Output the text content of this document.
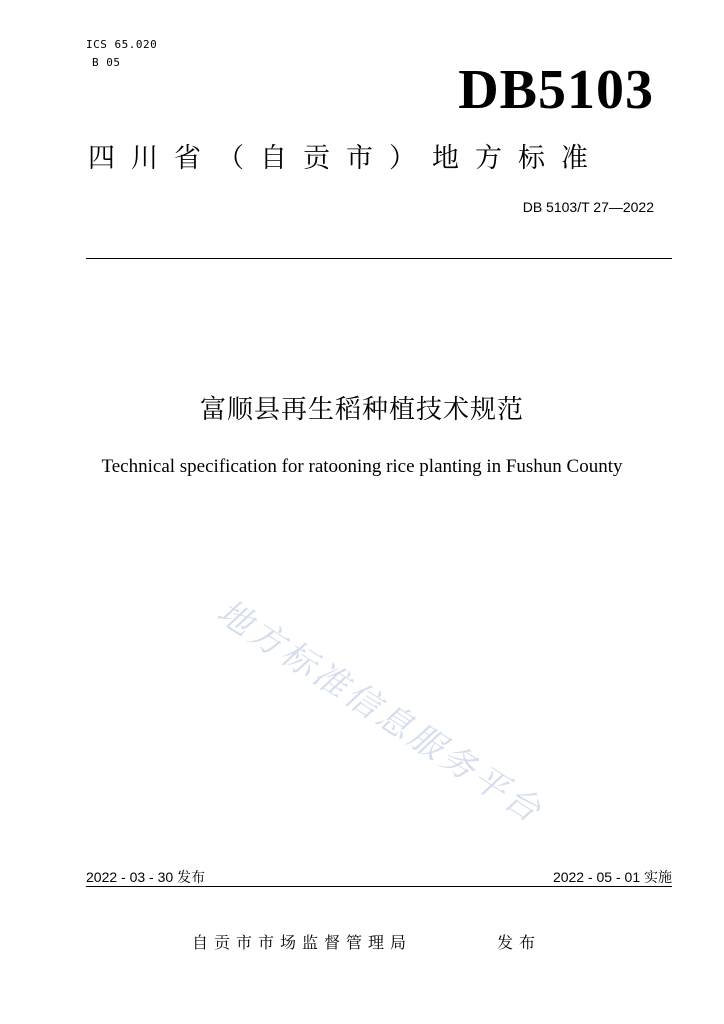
ICS 65.020
B 05	DB5103
四川省（自贡市）地方标准
DB 5103/T 27—2022
富顺县再生稻种植技术规范
Technical specification for ratooning rice planting in Fushun County
地方标准信息服务平台
2022 - 03 - 30 发布	2022 - 05 - 01 实施
自贡市市场监督管理局	发布
